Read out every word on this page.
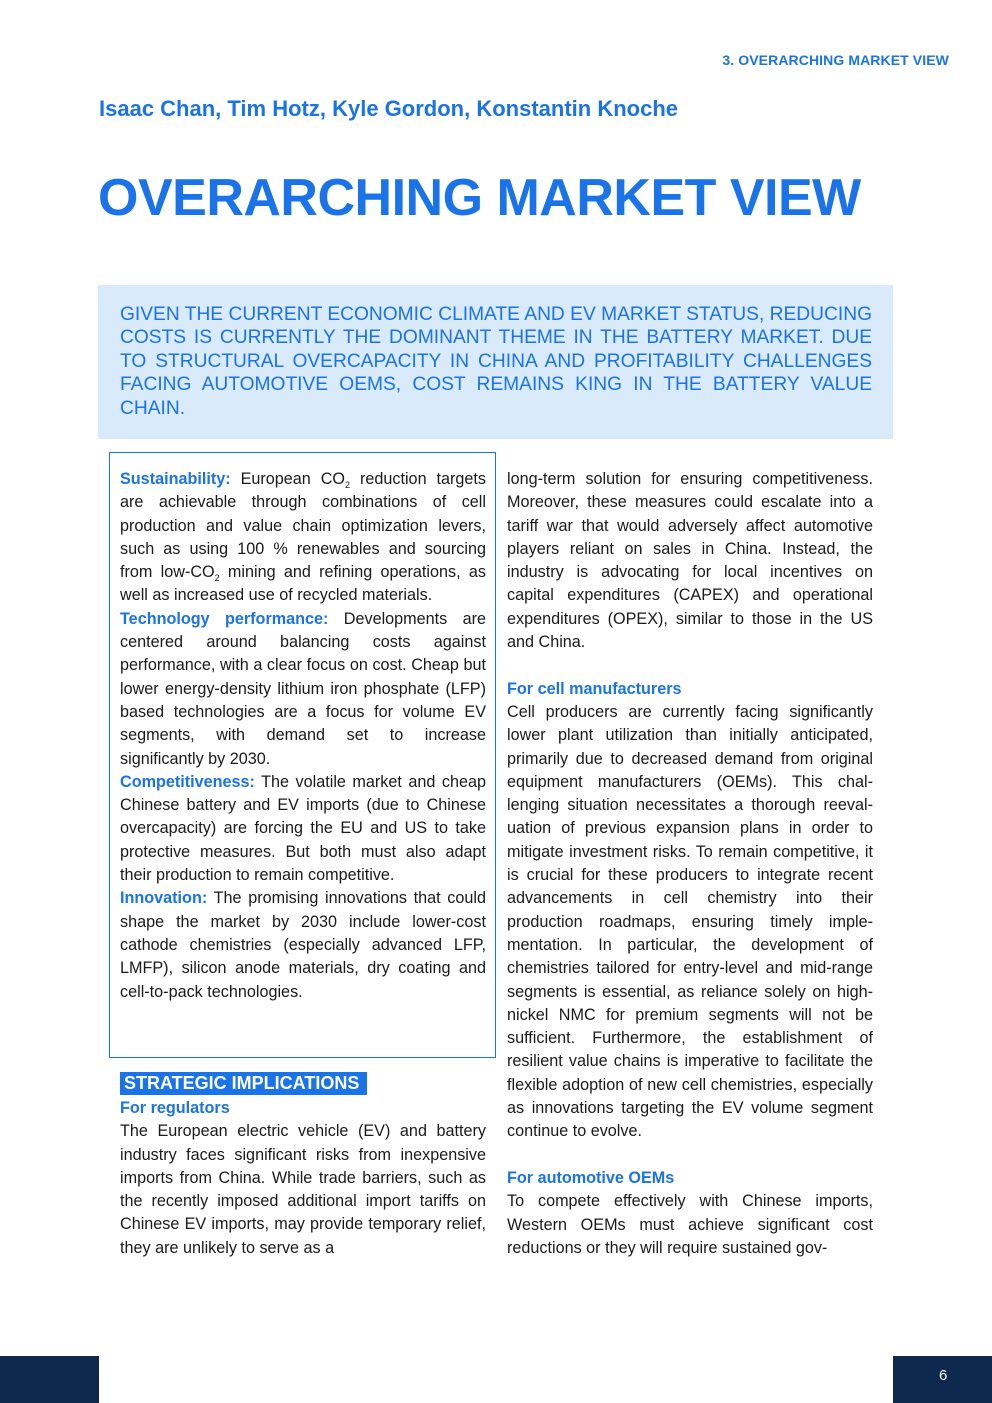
3. OVERARCHING MARKET VIEW
Isaac Chan, Tim Hotz, Kyle Gordon, Konstantin Knoche
OVERARCHING MARKET VIEW

GIVEN THE CURRENT ECONOMIC CLIMATE AND EV MARKET STATUS, REDUCING COSTS IS CURRENTLY THE DOMINANT THEME IN THE BATTERY MARKET. DUE TO STRUCTURAL OVERCAPACITY IN CHINA AND PROFITABILITY CHALLENGES FACING AUTOMOTIVE OEMS, COST REMAINS KING IN THE BATTERY VALUE CHAIN.

Sustainability: European $CO_2$ reduction targets are achievable through combinations of cell production and value chain optimization levers, such as using 100 % renewables and sourcing from low-$CO_2$ mining and refining operations, as well as increased use of recycled materials.

Technology performance: Developments are centered around balancing costs against performance, with a clear focus on cost. Cheap but lower energy-density lithium iron phosphate (LFP) based technologies are a focus for volume EV segments, with demand set to increase significantly by 2030.

Competitiveness: The volatile market and cheap Chinese battery and EV imports (due to Chinese overcapacity) are forcing the EU and US to take protective measures. But both must also adapt their production to remain competitive.

Innovation: The promising innovations that could shape the market by 2030 include lower-cost cathode chemistries (especially advanced LFP, LMFP), silicon anode materials, dry coating and cell-to-pack technologies.

STRATEGIC IMPLICATIONS
For regulators

The European electric vehicle (EV) and battery industry faces significant risks from inexpensive imports from China. While trade barriers, such as the recently imposed additional import tariffs on Chinese EV imports, may provide temporary relief, they are unlikely to serve as a

long-term solution for ensuring competitiveness. Moreover, these measures could escalate into a tariff war that would adversely affect automotive players reliant on sales in China. Instead, the industry is advocating for local incentives on capital expenditures (CAPEX) and operational expenditures (OPEX), similar to those in the US and China.

For cell manufacturers

Cell producers are currently facing significantly lower plant utilization than initially anticipated, primarily due to decreased demand from original equipment manufacturers (OEMs). This challenging situation necessitates a thorough reevaluation of previous expansion plans in order to mitigate investment risks. To remain competitive, it is crucial for these producers to integrate recent advancements in cell chemistry into their production roadmaps, ensuring timely implementation. In particular, the development of chemistries tailored for entry-level and mid-range segments is essential, as reliance solely on high-nickel NMC for premium segments will not be sufficient. Furthermore, the establishment of resilient value chains is imperative to facilitate the flexible adoption of new cell chemistries, especially as innovations targeting the EV volume segment continue to evolve.

For automotive OEMs

To compete effectively with Chinese imports, Western OEMs must achieve significant cost reductions or they will require sustained gov-

6
